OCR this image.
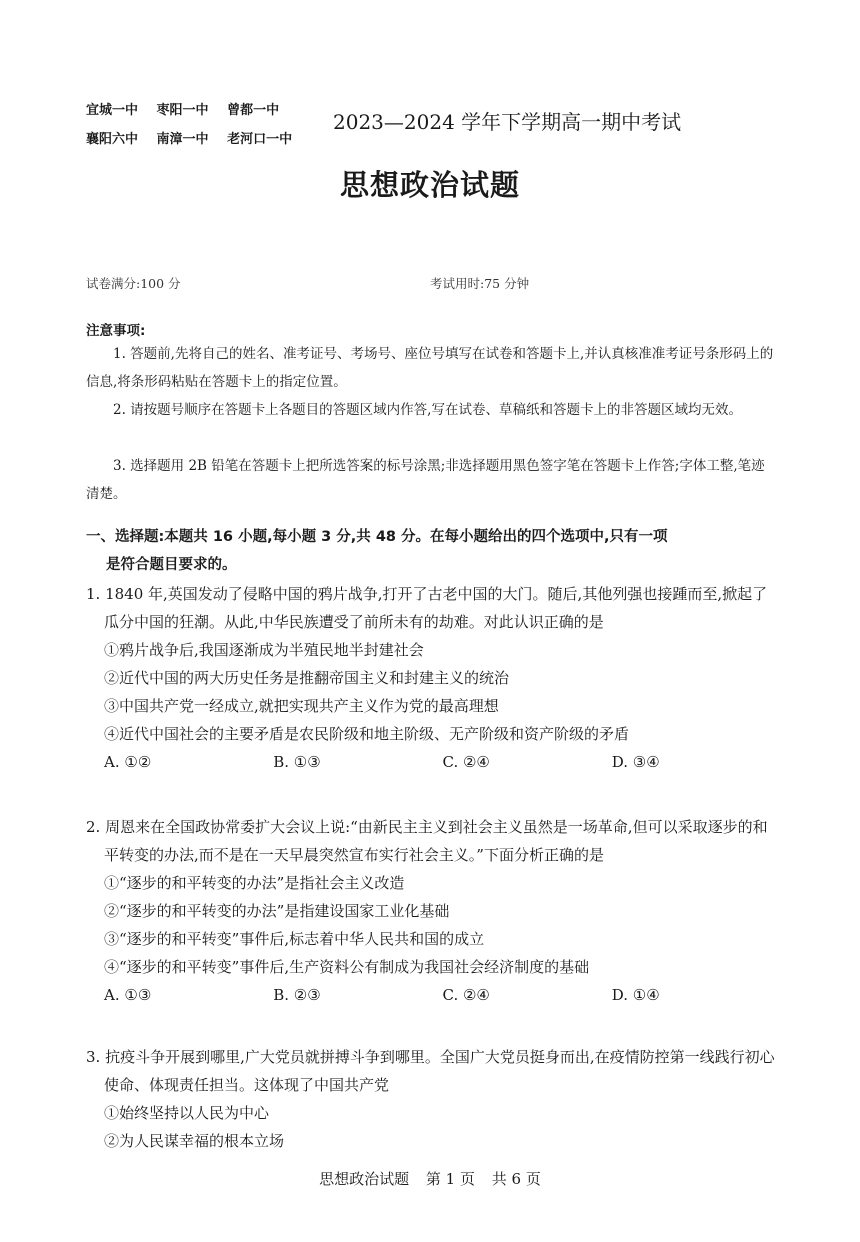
宜城一中 枣阳一中 曾都一中
襄阳六中 南漳一中 老河口一中
2023—2024 学年下学期高一期中考试
思想政治试题
试卷满分:100 分	考试用时:75 分钟
注意事项:
1. 答题前,先将自己的姓名、准考证号、考场号、座位号填写在试卷和答题卡上,并认真核准准考证号条形码上的信息,将条形码粘贴在答题卡上的指定位置。
2. 请按题号顺序在答题卡上各题目的答题区域内作答,写在试卷、草稿纸和答题卡上的非答题区域均无效。
3. 选择题用 2B 铅笔在答题卡上把所选答案的标号涂黑;非选择题用黑色签字笔在答题卡上作答;字体工整,笔迹清楚。
一、选择题:本题共 16 小题,每小题 3 分,共 48 分。在每小题给出的四个选项中,只有一项
是符合题目要求的。
1. 1840 年,英国发动了侵略中国的鸦片战争,打开了古老中国的大门。随后,其他列强也接踵而至,掀起了瓜分中国的狂潮。从此,中华民族遭受了前所未有的劫难。对此认识正确的是
①鸦片战争后,我国逐渐成为半殖民地半封建社会
②近代中国的两大历史任务是推翻帝国主义和封建主义的统治
③中国共产党一经成立,就把实现共产主义作为党的最高理想
④近代中国社会的主要矛盾是农民阶级和地主阶级、无产阶级和资产阶级的矛盾
A. ①②	B. ①③	C. ②④	D. ③④
2. 周恩来在全国政协常委扩大会议上说:“由新民主主义到社会主义虽然是一场革命,但可以采取逐步的和平转变的办法,而不是在一天早晨突然宣布实行社会主义。”下面分析正确的是
①“逐步的和平转变的办法”是指社会主义改造
②“逐步的和平转变的办法”是指建设国家工业化基础
③“逐步的和平转变”事件后,标志着中华人民共和国的成立
④“逐步的和平转变”事件后,生产资料公有制成为我国社会经济制度的基础
A. ①③	B. ②③	C. ②④	D. ①④
3. 抗疫斗争开展到哪里,广大党员就拼搏斗争到哪里。全国广大党员挺身而出,在疫情防控第一线践行初心使命、体现责任担当。这体现了中国共产党
①始终坚持以人民为中心
②为人民谋幸福的根本立场
思想政治试题 第 1 页 共 6 页
